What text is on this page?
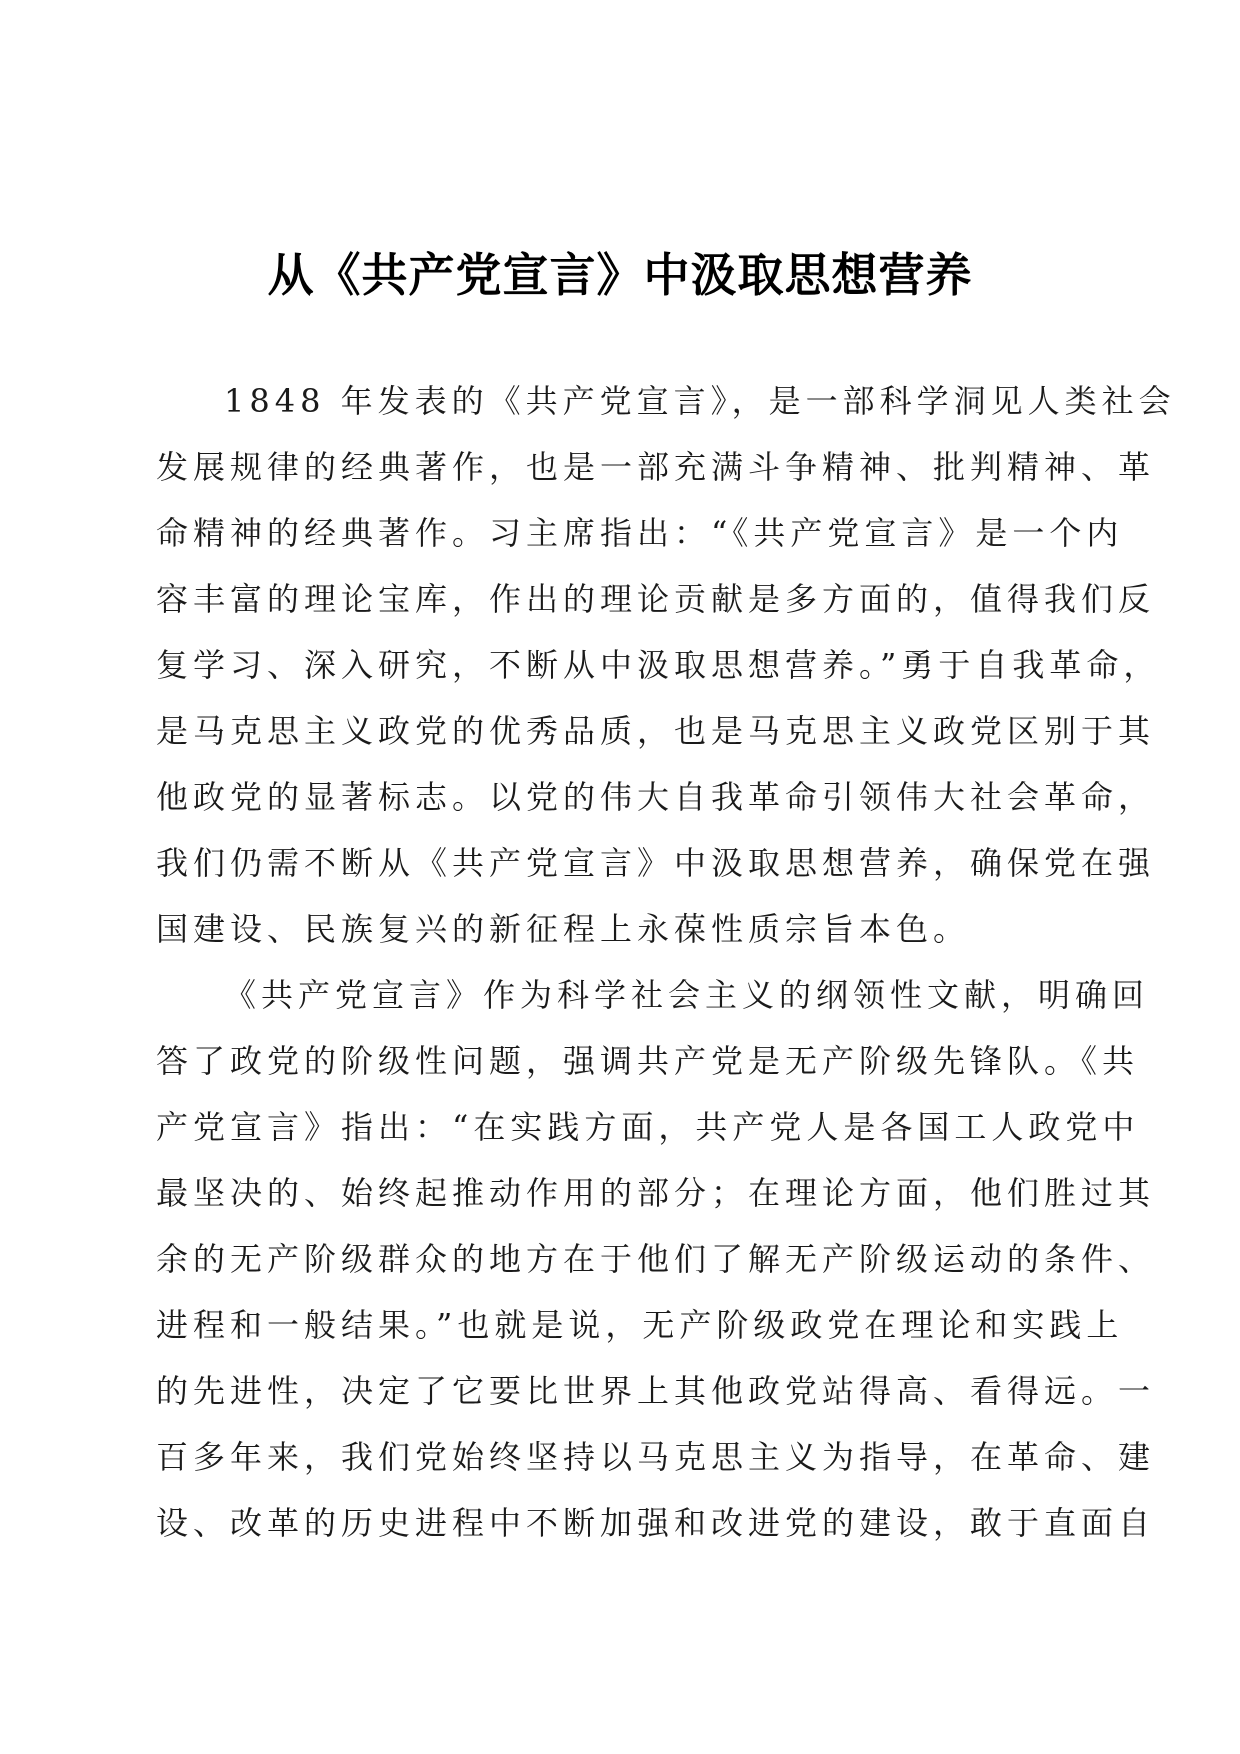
从《共产党宣言》中汲取思想营养
1848 年发表的《共产党宣言》，是一部科学洞见人类社会
发展规律的经典著作，也是一部充满斗争精神、批判精神、革
命精神的经典著作。习主席指出：“《共产党宣言》是一个内
容丰富的理论宝库，作出的理论贡献是多方面的，值得我们反
复学习、深入研究，不断从中汲取思想营养。”勇于自我革命，
是马克思主义政党的优秀品质，也是马克思主义政党区别于其
他政党的显著标志。以党的伟大自我革命引领伟大社会革命，
我们仍需不断从《共产党宣言》中汲取思想营养，确保党在强
国建设、民族复兴的新征程上永葆性质宗旨本色。
《共产党宣言》作为科学社会主义的纲领性文献，明确回
答了政党的阶级性问题，强调共产党是无产阶级先锋队。《共
产党宣言》指出：“在实践方面，共产党人是各国工人政党中
最坚决的、始终起推动作用的部分；在理论方面，他们胜过其
余的无产阶级群众的地方在于他们了解无产阶级运动的条件、
进程和一般结果。”也就是说，无产阶级政党在理论和实践上
的先进性，决定了它要比世界上其他政党站得高、看得远。一
百多年来，我们党始终坚持以马克思主义为指导，在革命、建
设、改革的历史进程中不断加强和改进党的建设，敢于直面自
